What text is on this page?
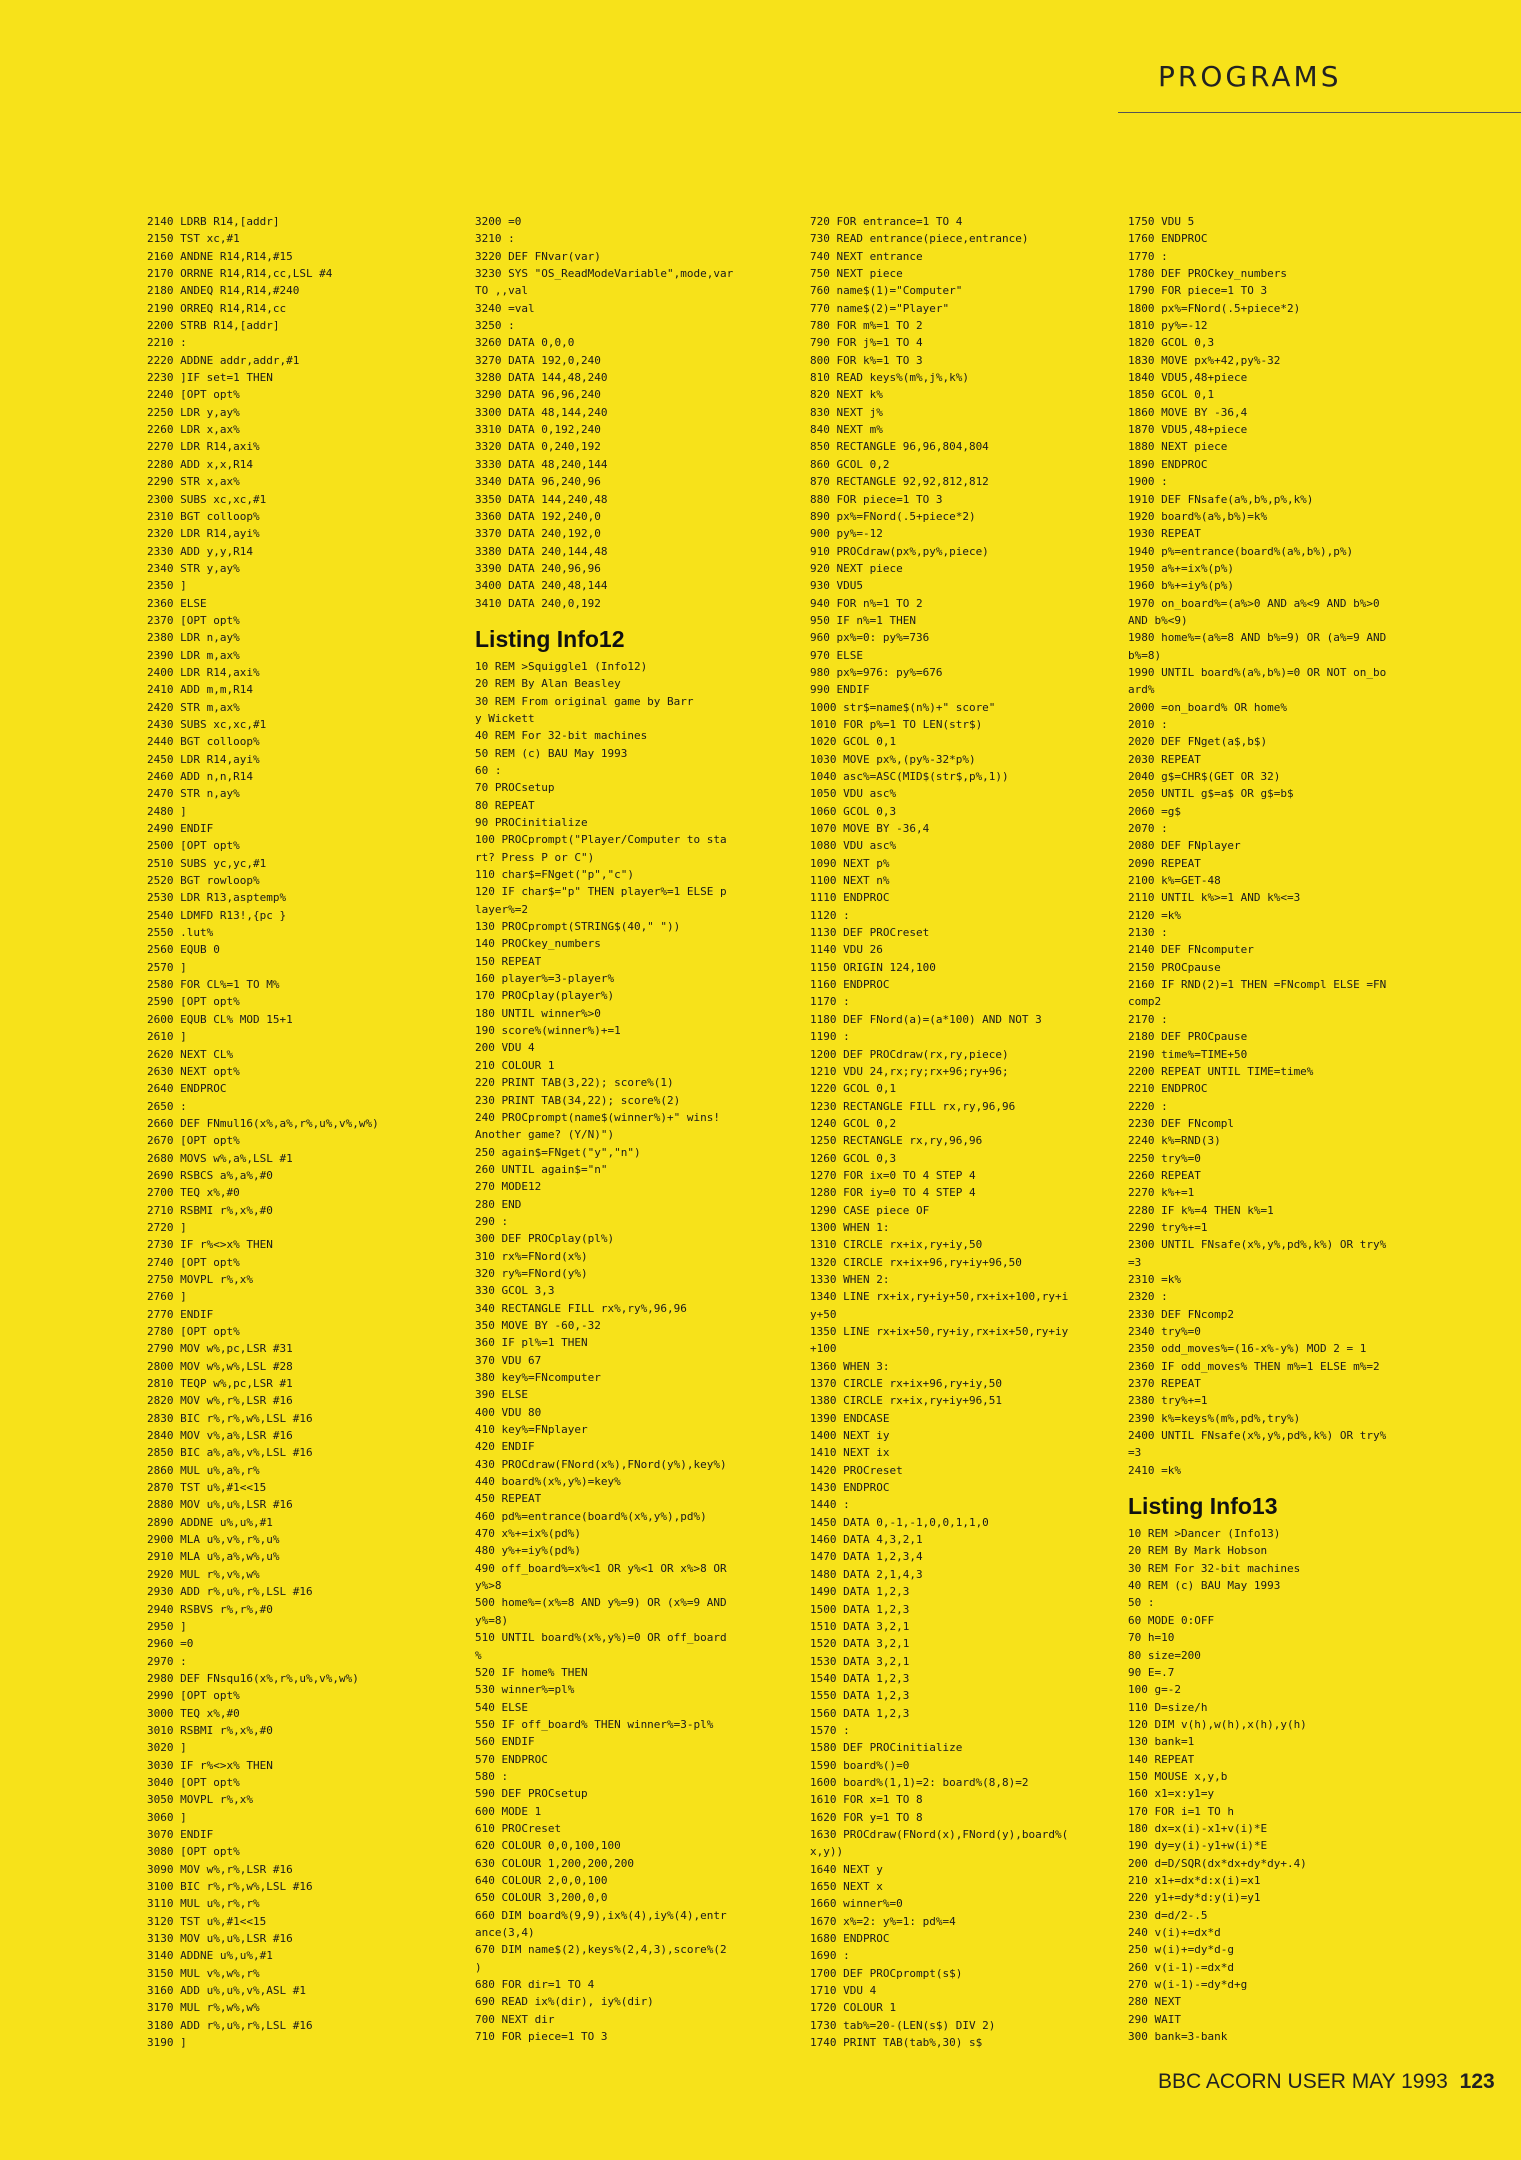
PROGRAMS
2140 LDRB R14,[addr]
2150 TST xc,#1
2160 ANDNE R14,R14,#15
2170 ORRNE R14,R14,cc,LSL #4
2180 ANDEQ R14,R14,#240
2190 ORREQ R14,R14,cc
2200 STRB R14,[addr]
2210 :
2220 ADDNE addr,addr,#1
2230 ]IF set=1 THEN
2240 [OPT opt%
2250 LDR y,ay%
2260 LDR x,ax%
2270 LDR R14,axi%
2280 ADD x,x,R14
2290 STR x,ax%
2300 SUBS xc,xc,#1
2310 BGT colloop%
2320 LDR R14,ayi%
2330 ADD y,y,R14
2340 STR y,ay%
2350 ]
2360 ELSE
2370 [OPT opt%
2380 LDR n,ay%
2390 LDR m,ax%
2400 LDR R14,axi%
2410 ADD m,m,R14
2420 STR m,ax%
2430 SUBS xc,xc,#1
2440 BGT colloop%
2450 LDR R14,ayi%
2460 ADD n,n,R14
2470 STR n,ay%
2480 ]
2490 ENDIF
2500 [OPT opt%
2510 SUBS yc,yc,#1
2520 BGT rowloop%
2530 LDR R13,asptemp%
2540 LDMFD R13!,{pc }
2550 .lut%
2560 EQUB 0
2570 ]
2580 FOR CL%=1 TO M%
2590 [OPT opt%
2600 EQUB CL% MOD 15+1
2610 ]
2620 NEXT CL%
2630 NEXT opt%
2640 ENDPROC
2650 :
2660 DEF FNmul16(x%,a%,r%,u%,v%,w%)
2670 [OPT opt%
2680 MOVS w%,a%,LSL #1
2690 RSBCS a%,a%,#0
2700 TEQ x%,#0
2710 RSBMI r%,x%,#0
2720 ]
2730 IF r%<>x% THEN
2740 [OPT opt%
2750 MOVPL r%,x%
2760 ]
2770 ENDIF
2780 [OPT opt%
2790 MOV w%,pc,LSR #31
2800 MOV w%,w%,LSL #28
2810 TEQP w%,pc,LSR #1
2820 MOV w%,r%,LSR #16
2830 BIC r%,r%,w%,LSL #16
2840 MOV v%,a%,LSR #16
2850 BIC a%,a%,v%,LSL #16
2860 MUL u%,a%,r%
2870 TST u%,#1<<15
2880 MOV u%,u%,LSR #16
2890 ADDNE u%,u%,#1
2900 MLA u%,v%,r%,u%
2910 MLA u%,a%,w%,u%
2920 MUL r%,v%,w%
2930 ADD r%,u%,r%,LSL #16
2940 RSBVS r%,r%,#0
2950 ]
2960 =0
2970 :
2980 DEF FNsqu16(x%,r%,u%,v%,w%)
2990 [OPT opt%
3000 TEQ x%,#0
3010 RSBMI r%,x%,#0
3020 ]
3030 IF r%<>x% THEN
3040 [OPT opt%
3050 MOVPL r%,x%
3060 ]
3070 ENDIF
3080 [OPT opt%
3090 MOV w%,r%,LSR #16
3100 BIC r%,r%,w%,LSL #16
3110 MUL u%,r%,r%
3120 TST u%,#1<<15
3130 MOV u%,u%,LSR #16
3140 ADDNE u%,u%,#1
3150 MUL v%,w%,r%
3160 ADD u%,u%,v%,ASL #1
3170 MUL r%,w%,w%
3180 ADD r%,u%,r%,LSL #16
3190 ]
3200 =0
3210 :
3220 DEF FNvar(var)
3230 SYS "OS_ReadModeVariable",mode,var
TO ,,val
3240 =val
3250 :
3260 DATA 0,0,0
3270 DATA 192,0,240
3280 DATA 144,48,240
3290 DATA 96,96,240
3300 DATA 48,144,240
3310 DATA 0,192,240
3320 DATA 0,240,192
3330 DATA 48,240,144
3340 DATA 96,240,96
3350 DATA 144,240,48
3360 DATA 192,240,0
3370 DATA 240,192,0
3380 DATA 240,144,48
3390 DATA 240,96,96
3400 DATA 240,48,144
3410 DATA 240,0,192
Listing Info12
10 REM >Squiggle1 (Info12)
20 REM By Alan Beasley
30 REM From original game by Barr
y Wickett
40 REM For 32-bit machines
50 REM (c) BAU May 1993
60 :
70 PROCsetup
80 REPEAT
90 PROCinitialize
100 PROCprompt("Player/Computer to sta
rt? Press P or C")
110 char$=FNget("p","c")
120 IF char$="p" THEN player%=1 ELSE p
layer%=2
130 PROCprompt(STRING$(40," "))
140 PROCkey_numbers
150 REPEAT
160 player%=3-player%
170 PROCplay(player%)
180 UNTIL winner%>0
190 score%(winner%)+=1
200 VDU 4
210 COLOUR 1
220 PRINT TAB(3,22); score%(1)
230 PRINT TAB(34,22); score%(2)
240 PROCprompt(name$(winner%)+" wins!
Another game? (Y/N)")
250 again$=FNget("y","n")
260 UNTIL again$="n"
270 MODE12
280 END
290 :
300 DEF PROCplay(pl%)
310 rx%=FNord(x%)
320 ry%=FNord(y%)
330 GCOL 3,3
340 RECTANGLE FILL rx%,ry%,96,96
350 MOVE BY -60,-32
360 IF pl%=1 THEN
370 VDU 67
380 key%=FNcomputer
390 ELSE
400 VDU 80
410 key%=FNplayer
420 ENDIF
430 PROCdraw(FNord(x%),FNord(y%),key%)
440 board%(x%,y%)=key%
450 REPEAT
460 pd%=entrance(board%(x%,y%),pd%)
470 x%+=ix%(pd%)
480 y%+=iy%(pd%)
490 off_board%=x%<1 OR y%<1 OR x%>8 OR
y%>8
500 home%=(x%=8 AND y%=9) OR (x%=9 AND
y%=8)
510 UNTIL board%(x%,y%)=0 OR off_board
%
520 IF home% THEN
530 winner%=pl%
540 ELSE
550 IF off_board% THEN winner%=3-pl%
560 ENDIF
570 ENDPROC
580 :
590 DEF PROCsetup
600 MODE 1
610 PROCreset
620 COLOUR 0,0,100,100
630 COLOUR 1,200,200,200
640 COLOUR 2,0,0,100
650 COLOUR 3,200,0,0
660 DIM board%(9,9),ix%(4),iy%(4),entr
ance(3,4)
670 DIM name$(2),keys%(2,4,3),score%(2
)
680 FOR dir=1 TO 4
690 READ ix%(dir), iy%(dir)
700 NEXT dir
710 FOR piece=1 TO 3
720 FOR entrance=1 TO 4
730 READ entrance(piece,entrance)
740 NEXT entrance
750 NEXT piece
760 name$(1)="Computer"
770 name$(2)="Player"
780 FOR m%=1 TO 2
790 FOR j%=1 TO 4
800 FOR k%=1 TO 3
810 READ keys%(m%,j%,k%)
820 NEXT k%
830 NEXT j%
840 NEXT m%
850 RECTANGLE 96,96,804,804
860 GCOL 0,2
870 RECTANGLE 92,92,812,812
880 FOR piece=1 TO 3
890 px%=FNord(.5+piece*2)
900 py%=-12
910 PROCdraw(px%,py%,piece)
920 NEXT piece
930 VDU5
940 FOR n%=1 TO 2
950 IF n%=1 THEN
960 px%=0: py%=736
970 ELSE
980 px%=976: py%=676
990 ENDIF
1000 str$=name$(n%)+" score"
1010 FOR p%=1 TO LEN(str$)
1020 GCOL 0,1
1030 MOVE px%,(py%-32*p%)
1040 asc%=ASC(MID$(str$,p%,1))
1050 VDU asc%
1060 GCOL 0,3
1070 MOVE BY -36,4
1080 VDU asc%
1090 NEXT p%
1100 NEXT n%
1110 ENDPROC
1120 :
1130 DEF PROCreset
1140 VDU 26
1150 ORIGIN 124,100
1160 ENDPROC
1170 :
1180 DEF FNord(a)=(a*100) AND NOT 3
1190 :
1200 DEF PROCdraw(rx,ry,piece)
1210 VDU 24,rx;ry;rx+96;ry+96;
1220 GCOL 0,1
1230 RECTANGLE FILL rx,ry,96,96
1240 GCOL 0,2
1250 RECTANGLE rx,ry,96,96
1260 GCOL 0,3
1270 FOR ix=0 TO 4 STEP 4
1280 FOR iy=0 TO 4 STEP 4
1290 CASE piece OF
1300 WHEN 1:
1310 CIRCLE rx+ix,ry+iy,50
1320 CIRCLE rx+ix+96,ry+iy+96,50
1330 WHEN 2:
1340 LINE rx+ix,ry+iy+50,rx+ix+100,ry+i
y+50
1350 LINE rx+ix+50,ry+iy,rx+ix+50,ry+iy
+100
1360 WHEN 3:
1370 CIRCLE rx+ix+96,ry+iy,50
1380 CIRCLE rx+ix,ry+iy+96,51
1390 ENDCASE
1400 NEXT iy
1410 NEXT ix
1420 PROCreset
1430 ENDPROC
1440 :
1450 DATA 0,-1,-1,0,0,1,1,0
1460 DATA 4,3,2,1
1470 DATA 1,2,3,4
1480 DATA 2,1,4,3
1490 DATA 1,2,3
1500 DATA 1,2,3
1510 DATA 3,2,1
1520 DATA 3,2,1
1530 DATA 3,2,1
1540 DATA 1,2,3
1550 DATA 1,2,3
1560 DATA 1,2,3
1570 :
1580 DEF PROCinitialize
1590 board%()=0
1600 board%(1,1)=2: board%(8,8)=2
1610 FOR x=1 TO 8
1620 FOR y=1 TO 8
1630 PROCdraw(FNord(x),FNord(y),board%(
x,y))
1640 NEXT y
1650 NEXT x
1660 winner%=0
1670 x%=2: y%=1: pd%=4
1680 ENDPROC
1690 :
1700 DEF PROCprompt(s$)
1710 VDU 4
1720 COLOUR 1
1730 tab%=20-(LEN(s$) DIV 2)
1740 PRINT TAB(tab%,30) s$
1750 VDU 5
1760 ENDPROC
1770 :
1780 DEF PROCkey_numbers
1790 FOR piece=1 TO 3
1800 px%=FNord(.5+piece*2)
1810 py%=-12
1820 GCOL 0,3
1830 MOVE px%+42,py%-32
1840 VDU5,48+piece
1850 GCOL 0,1
1860 MOVE BY -36,4
1870 VDU5,48+piece
1880 NEXT piece
1890 ENDPROC
1900 :
1910 DEF FNsafe(a%,b%,p%,k%)
1920 board%(a%,b%)=k%
1930 REPEAT
1940 p%=entrance(board%(a%,b%),p%)
1950 a%+=ix%(p%)
1960 b%+=iy%(p%)
1970 on_board%=(a%>0 AND a%<9 AND b%>0
AND b%<9)
1980 home%=(a%=8 AND b%=9) OR (a%=9 AND
b%=8)
1990 UNTIL board%(a%,b%)=0 OR NOT on_bo
ard%
2000 =on_board% OR home%
2010 :
2020 DEF FNget(a$,b$)
2030 REPEAT
2040 g$=CHR$(GET OR 32)
2050 UNTIL g$=a$ OR g$=b$
2060 =g$
2070 :
2080 DEF FNplayer
2090 REPEAT
2100 k%=GET-48
2110 UNTIL k%>=1 AND k%<=3
2120 =k%
2130 :
2140 DEF FNcomputer
2150 PROCpause
2160 IF RND(2)=1 THEN =FNcompl ELSE =FN
comp2
2170 :
2180 DEF PROCpause
2190 time%=TIME+50
2200 REPEAT UNTIL TIME=time%
2210 ENDPROC
2220 :
2230 DEF FNcompl
2240 k%=RND(3)
2250 try%=0
2260 REPEAT
2270 k%+=1
2280 IF k%=4 THEN k%=1
2290 try%+=1
2300 UNTIL FNsafe(x%,y%,pd%,k%) OR try%
=3
2310 =k%
2320 :
2330 DEF FNcomp2
2340 try%=0
2350 odd_moves%=(16-x%-y%) MOD 2 = 1
2360 IF odd_moves% THEN m%=1 ELSE m%=2
2370 REPEAT
2380 try%+=1
2390 k%=keys%(m%,pd%,try%)
2400 UNTIL FNsafe(x%,y%,pd%,k%) OR try%
=3
2410 =k%
Listing Info13
10 REM >Dancer (Info13)
20 REM By Mark Hobson
30 REM For 32-bit machines
40 REM (c) BAU May 1993
50 :
60 MODE 0:OFF
70 h=10
80 size=200
90 E=.7
100 g=-2
110 D=size/h
120 DIM v(h),w(h),x(h),y(h)
130 bank=1
140 REPEAT
150 MOUSE x,y,b
160 x1=x:y1=y
170 FOR i=1 TO h
180 dx=x(i)-x1+v(i)*E
190 dy=y(i)-y1+w(i)*E
200 d=D/SQR(dx*dx+dy*dy+.4)
210 x1+=dx*d:x(i)=x1
220 y1+=dy*d:y(i)=y1
230 d=d/2-.5
240 v(i)+=dx*d
250 w(i)+=dy*d-g
260 v(i-1)-=dx*d
270 w(i-1)-=dy*d+g
280 NEXT
290 WAIT
300 bank=3-bank
BBC ACORN USER MAY 1993 123
